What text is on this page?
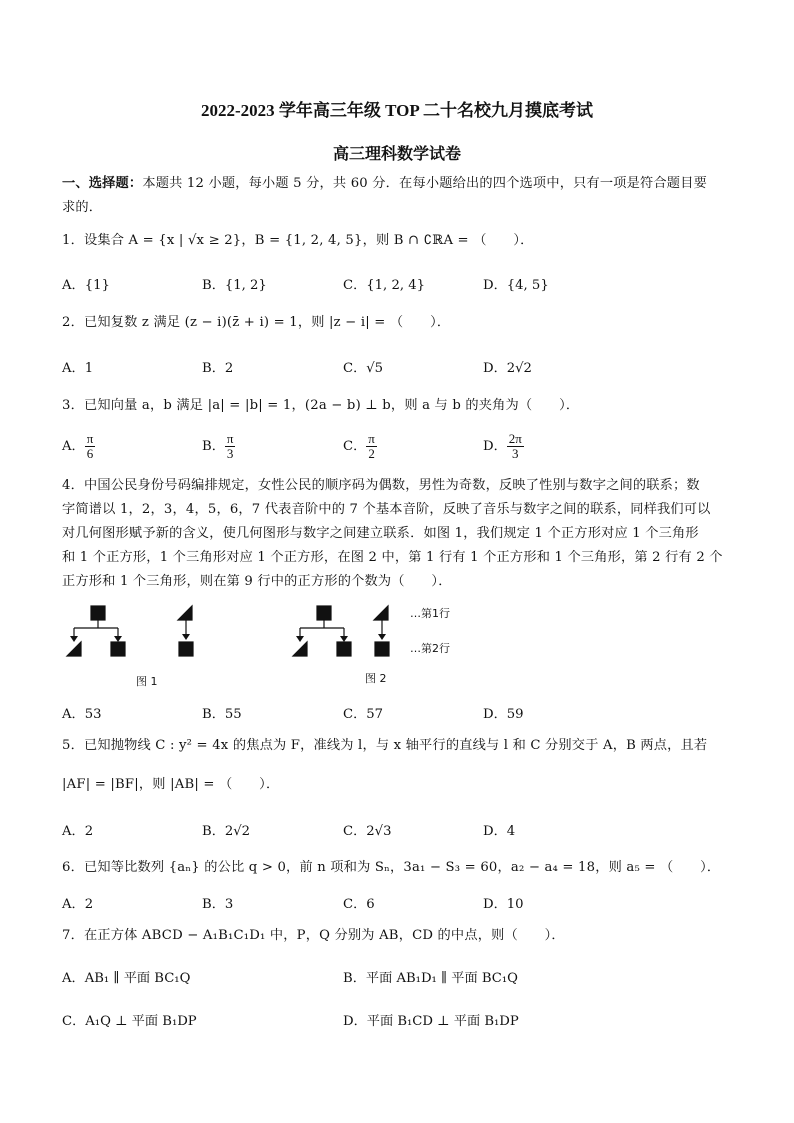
2022-2023 学年高三年级 TOP 二十名校九月摸底考试
高三理科数学试卷
一、选择题：本题共 12 小题，每小题 5 分，共 60 分．在每小题给出的四个选项中，只有一项是符合题目要
求的．
1．设集合 A = {x | √x ≥ 2}，B = {1, 2, 4, 5}，则 B ∩ ∁ℝA = （　　）．
A．{1}	B．{1, 2}	C．{1, 2, 4}	D．{4, 5}
2．已知复数 z 满足 (z − i)(z̄ + i) = 1，则 |z − i| = （　　）．
A．1	B．2	C．√5	D．2√2
3．已知向量 a，b 满足 |a| = |b| = 1，(2a − b) ⊥ b，则 a 与 b 的夹角为（　　）．
A． $\frac{\pi}{6}$	B． $\frac{\pi}{3}$	C． $\frac{\pi}{2}$	D． $\frac{2\pi}{3}$
4．中国公民身份号码编排规定，女性公民的顺序码为偶数，男性为奇数，反映了性别与数字之间的联系；数
字简谱以 1，2，3，4，5，6，7 代表音阶中的 7 个基本音阶，反映了音乐与数字之间的联系，同样我们可以
对几何图形赋予新的含义，使几何图形与数字之间建立联系．如图 1，我们规定 1 个正方形对应 1 个三角形
和 1 个正方形，1 个三角形对应 1 个正方形，在图 2 中，第 1 行有 1 个正方形和 1 个三角形，第 2 行有 2 个
正方形和 1 个三角形，则在第 9 行中的正方形的个数为（　　）．
…第1行
…第2行
图 1	图 2
A．53	B．55	C．57	D．59
5．已知抛物线 C : y² = 4x 的焦点为 F，准线为 l，与 x 轴平行的直线与 l 和 C 分别交于 A，B 两点，且若
|AF| = |BF|，则 |AB| = （　　）．
A．2	B．2√2	C．2√3	D．4
6．已知等比数列 {aₙ} 的公比 q > 0，前 n 项和为 Sₙ，3a₁ − S₃ = 60，a₂ − a₄ = 18，则 a₅ = （　　）．
A．2	B．3	C．6	D．10
7．在正方体 ABCD − A₁B₁C₁D₁ 中，P，Q 分别为 AB，CD 的中点，则（　　）．
A．AB₁ ∥ 平面 BC₁Q	B．平面 AB₁D₁ ∥ 平面 BC₁Q
C．A₁Q ⊥ 平面 B₁DP	D．平面 B₁CD ⊥ 平面 B₁DP
